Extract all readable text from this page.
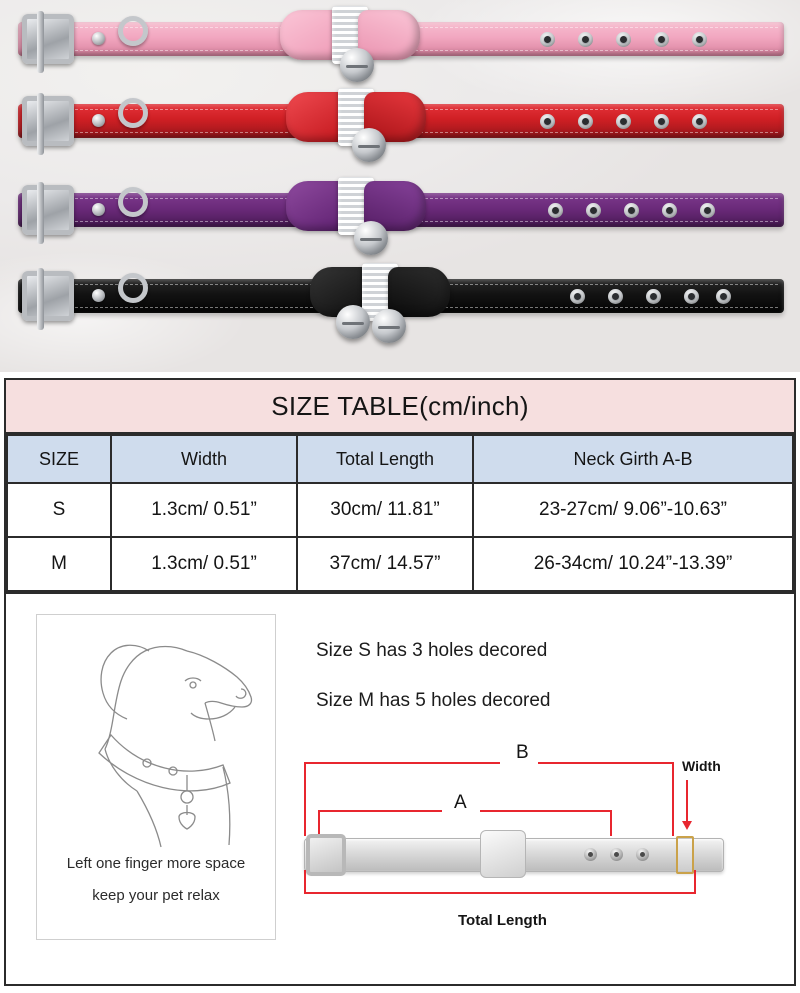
SIZE TABLE(cm/inch)
SIZE	Width	Total Length	Neck Girth A-B
S	1.3cm/ 0.51”	30cm/ 11.81”	23-27cm/ 9.06”-10.63”
M	1.3cm/ 0.51”	37cm/ 14.57”	26-34cm/ 10.24”-13.39”
Left one finger more space
keep your pet relax
Size S has 3 holes decored
Size M has 5 holes decored
B
A
Width
Total Length
